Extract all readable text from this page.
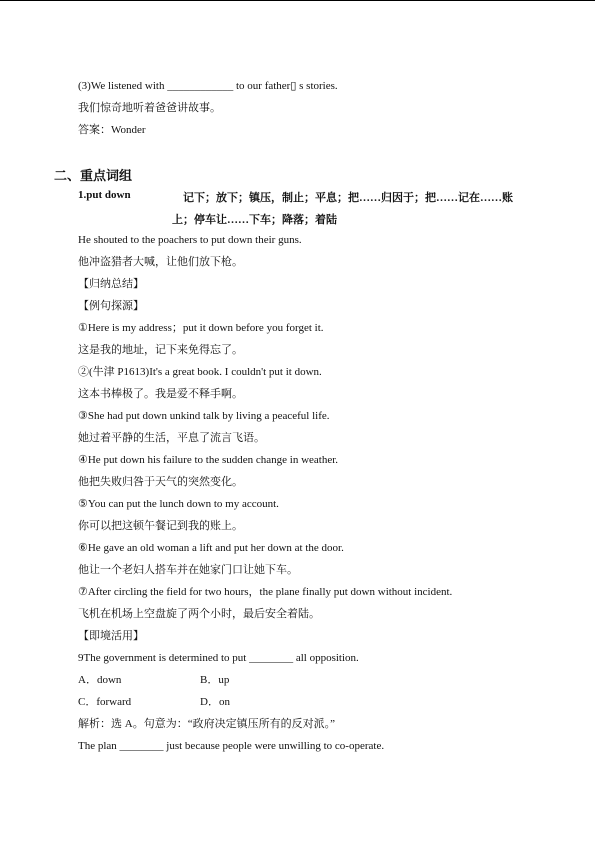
(3)We listened with ____________ to our father▯ s stories.
我们惊奇地听着爸爸讲故事。
答案：Wonder
二、重点词组
1.put down	记下；放下；镇压，制止；平息；把……归因于；把……记在……账
上；停车让……下车；降落；着陆
He shouted to the poachers to put down their guns.
他冲盗猎者大喊，让他们放下枪。
【归纳总结】
【例句探源】
①Here is my address；put it down before you forget it.
这是我的地址，记下来免得忘了。
②(牛津 P1613)It's a great book. I couldn't put it down.
这本书棒极了。我是爱不释手啊。
③She had put down unkind talk by living a peaceful life.
她过着平静的生活，平息了流言飞语。
④He put down his failure to the sudden change in weather.
他把失败归咎于天气的突然变化。
⑤You can put the lunch down to my account.
你可以把这顿午餐记到我的账上。
⑥He gave an old woman a lift and put her down at the door.
他让一个老妇人搭车并在她家门口让她下车。
⑦After circling the field for two hours，the plane finally put down without incident.
飞机在机场上空盘旋了两个小时，最后安全着陆。
【即境活用】
9The government is determined to put ________ all opposition.
A．down	B．up
C．forward	D．on
解析：选 A。句意为：“政府决定镇压所有的反对派。”
The plan ________ just because people were unwilling to co-operate.
